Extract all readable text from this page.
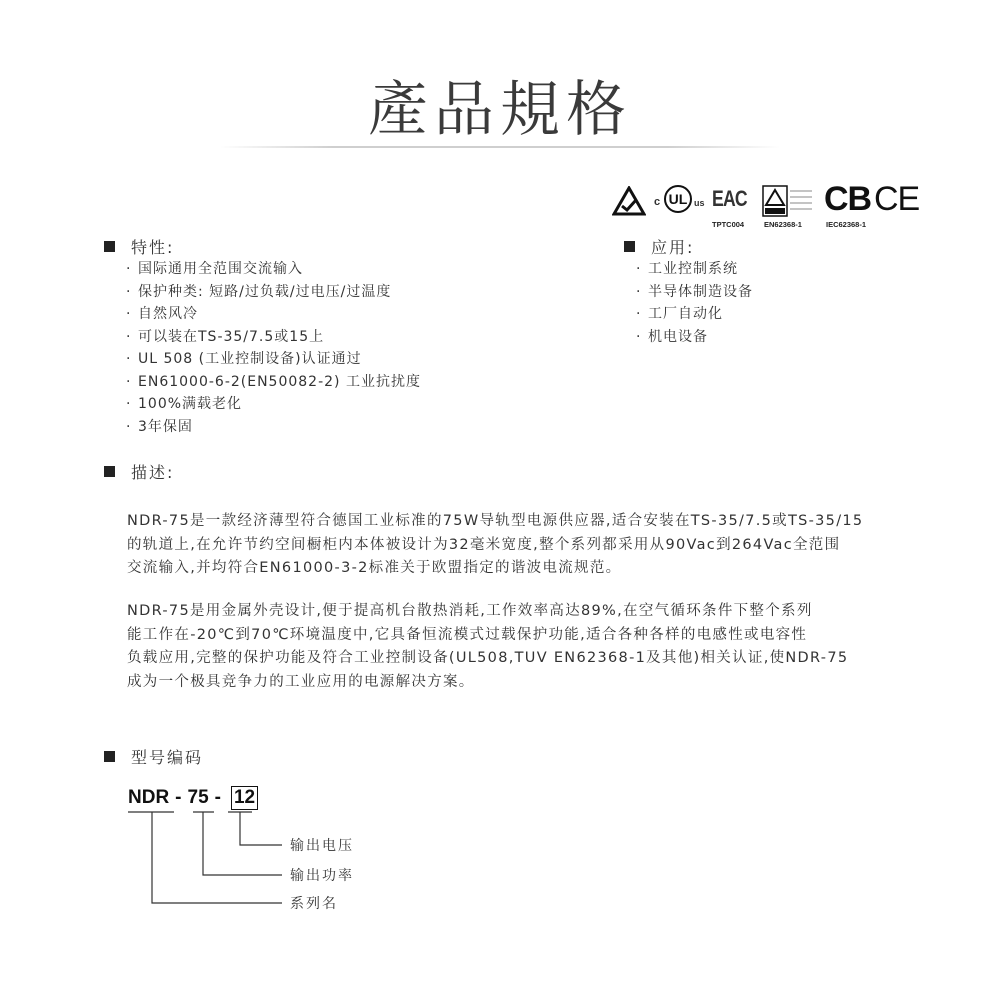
產品規格
c UL us EAC
TPTC004	EN62368-1
CB
IEC62368-1
CE
特性:
· 国际通用全范围交流输入
· 保护种类: 短路/过负载/过电压/过温度
· 自然风冷
· 可以装在TS-35/7.5或15上
· UL 508 (工业控制设备)认证通过
· EN61000-6-2(EN50082-2) 工业抗扰度
· 100%满载老化
· 3年保固
应用:
· 工业控制系统
· 半导体制造设备
· 工厂自动化
· 机电设备
描述:

NDR-75是一款经济薄型符合德国工业标准的75W导轨型电源供应器,适合安装在TS-35/7.5或TS-35/15

的轨道上,在允许节约空间橱柜内本体被设计为32毫米宽度,整个系列都采用从90Vac到264Vac全范围

交流输入,并均符合EN61000-3-2标准关于欧盟指定的谐波电流规范。

NDR-75是用金属外壳设计,便于提高机台散热消耗,工作效率高达89%,在空气循环条件下整个系列

能工作在-20℃到70℃环境温度中,它具备恒流模式过载保护功能,适合各种各样的电感性或电容性

负载应用,完整的保护功能及符合工业控制设备(UL508,TUV EN62368-1及其他)相关认证,使NDR-75

成为一个极具竞争力的工业应用的电源解决方案。

型号编码
NDR - 75 - 12
输出电压
输出功率
系列名
